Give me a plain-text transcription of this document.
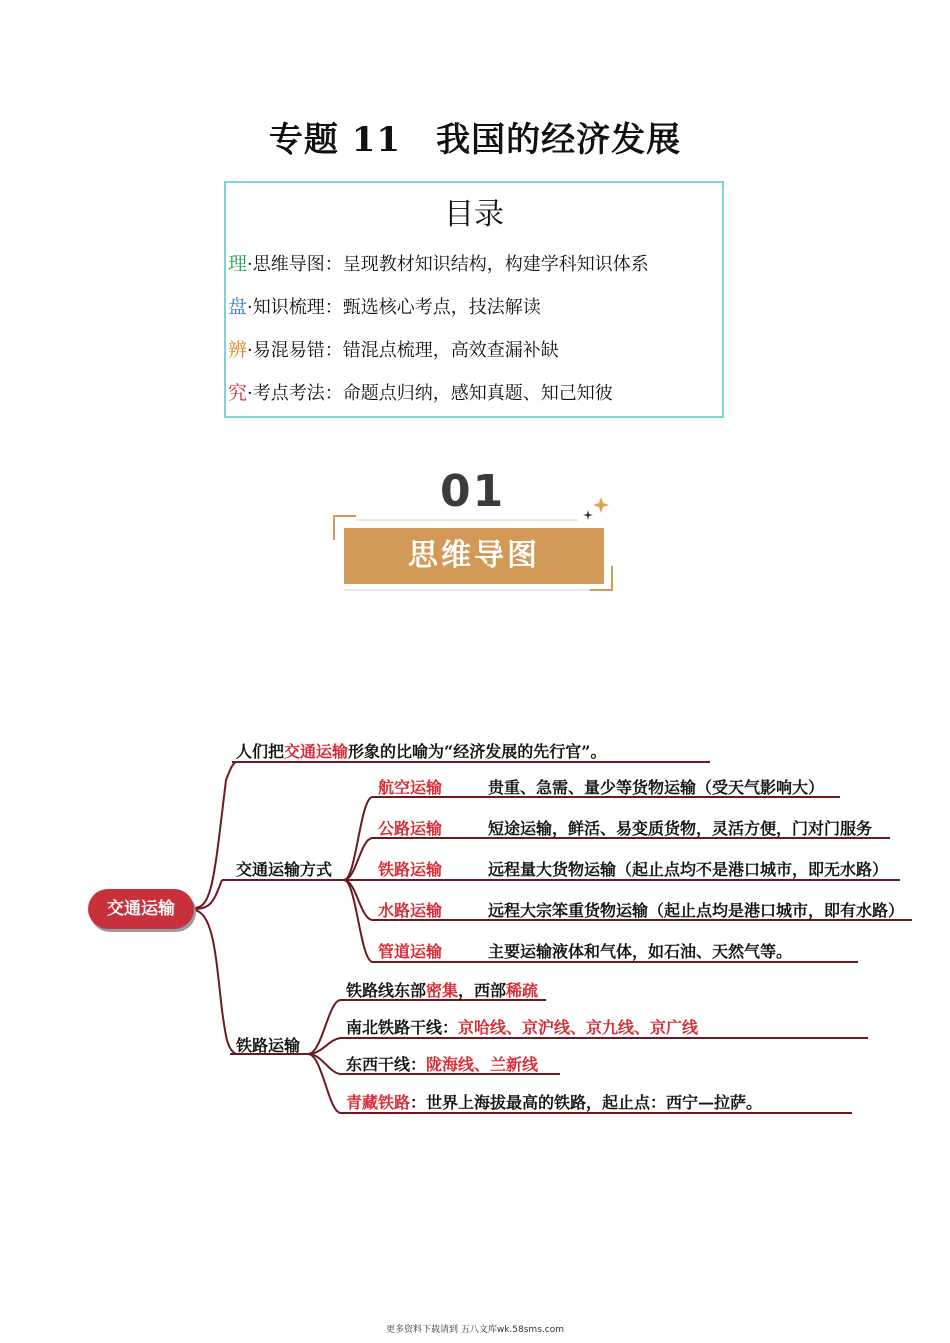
专题 11　我国的经济发展
目录
理·思维导图：呈现教材知识结构，构建学科知识体系
盘·知识梳理：甄选核心考点，技法解读
辨·易混易错：错混点梳理，高效查漏补缺
究·考点考法：命题点归纳，感知真题、知己知彼
01
思维导图
交通运输
人们把交通运输形象的比喻为“经济发展的先行官”。
交通运输方式
航空运输	贵重、急需、量少等货物运输（受天气影响大）
公路运输	短途运输，鲜活、易变质货物，灵活方便，门对门服务
铁路运输	远程量大货物运输（起止点均不是港口城市，即无水路）
水路运输	远程大宗笨重货物运输（起止点均是港口城市，即有水路）
管道运输	主要运输液体和气体，如石油、天然气等。
铁路运输
铁路线东部密集，西部稀疏
南北铁路干线：京哈线、京沪线、京九线、京广线
东西干线：陇海线、兰新线
青藏铁路：世界上海拔最高的铁路，起止点：西宁—拉萨。
更多资料下载请到 五八文库wk.58sms.com
